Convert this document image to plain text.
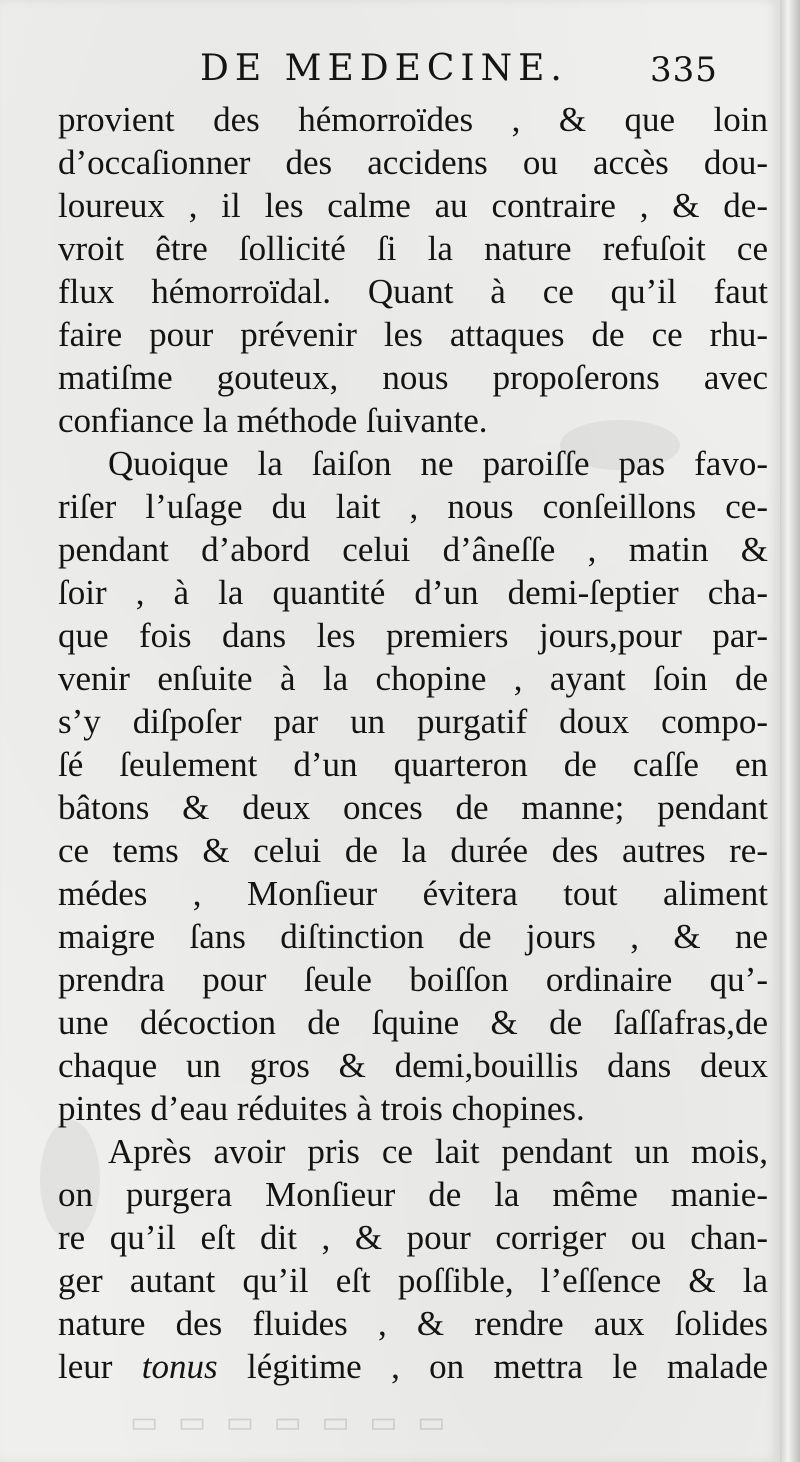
DE MEDECINE. 335
provient des hémorroïdes , & que loin
d’occaſionner des accidens ou accès dou-
loureux , il les calme au contraire , & de-
vroit être ſollicité ſi la nature refuſoit ce
flux hémorroïdal. Quant à ce qu’il faut
faire pour prévenir les attaques de ce rhu-
matiſme gouteux, nous propoſerons avec
confiance la méthode ſuivante.
Quoique la ſaiſon ne paroiſſe pas favo-
riſer l’uſage du lait , nous conſeillons ce-
pendant d’abord celui d’âneſſe , matin &
ſoir , à la quantité d’un demi-ſeptier cha-
que fois dans les premiers jours,pour par-
venir enſuite à la chopine , ayant ſoin de
s’y diſpoſer par un purgatif doux compo-
ſé ſeulement d’un quarteron de caſſe en
bâtons & deux onces de manne; pendant
ce tems & celui de la durée des autres re-
médes , Monſieur évitera tout aliment
maigre ſans diſtinction de jours , & ne
prendra pour ſeule boiſſon ordinaire qu’-
une décoction de ſquine & de ſaſſafras,de
chaque un gros & demi,bouillis dans deux
pintes d’eau réduites à trois chopines.
Après avoir pris ce lait pendant un mois,
on purgera Monſieur de la même manie-
re qu’il eſt dit , & pour corriger ou chan-
ger autant qu’il eſt poſſible, l’eſſence & la
nature des fluides , & rendre aux ſolides
leur tonus légitime , on mettra le malade
▭ ▭ ▭ ▭ ▭ ▭ ▭
